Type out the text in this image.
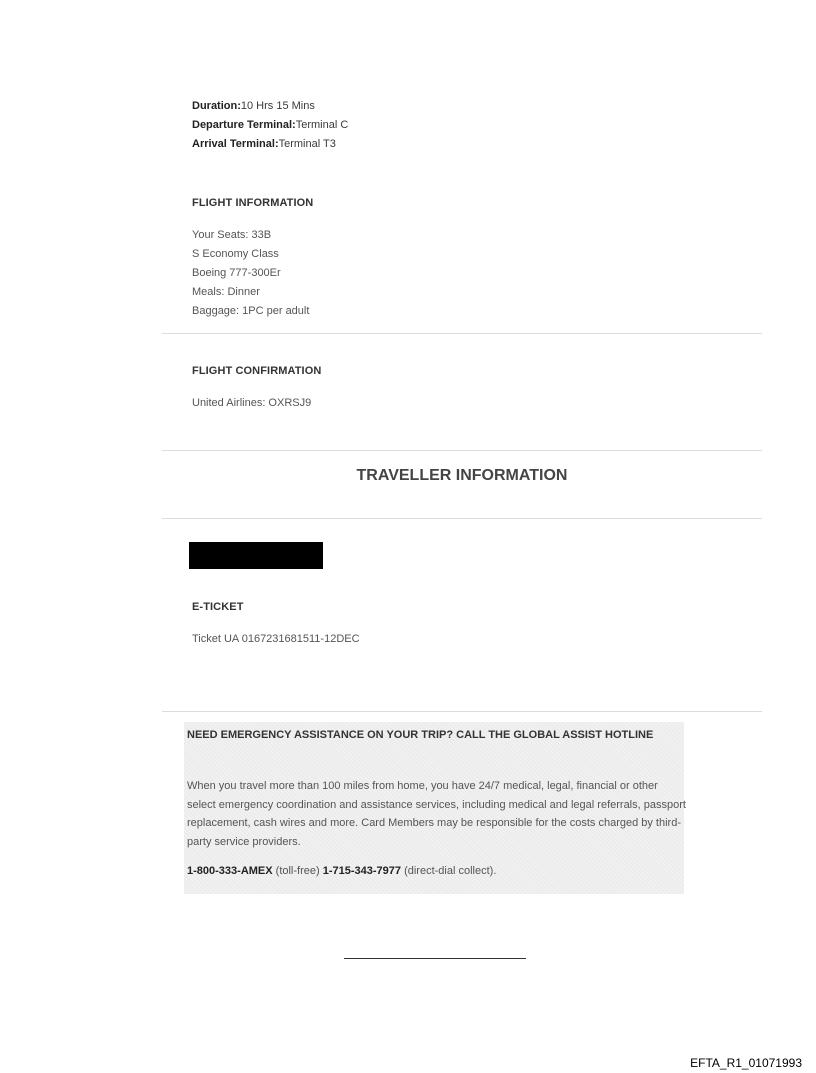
Duration:10 Hrs 15 Mins
Departure Terminal:Terminal C
Arrival Terminal:Terminal T3
FLIGHT INFORMATION
Your Seats: 33B
S Economy Class
Boeing 777-300Er
Meals: Dinner
Baggage: 1PC per adult
FLIGHT CONFIRMATION
United Airlines: OXRSJ9
TRAVELLER INFORMATION
E-TICKET
Ticket UA 0167231681511-12DEC
NEED EMERGENCY ASSISTANCE ON YOUR TRIP? CALL THE GLOBAL ASSIST HOTLINE
When you travel more than 100 miles from home, you have 24/7 medical, legal, financial or other select emergency coordination and assistance services, including medical and legal referrals, passport replacement, cash wires and more. Card Members may be responsible for the costs charged by third-party service providers.
1-800-333-AMEX (toll-free) 1-715-343-7977 (direct-dial collect).
EFTA_R1_01071993
